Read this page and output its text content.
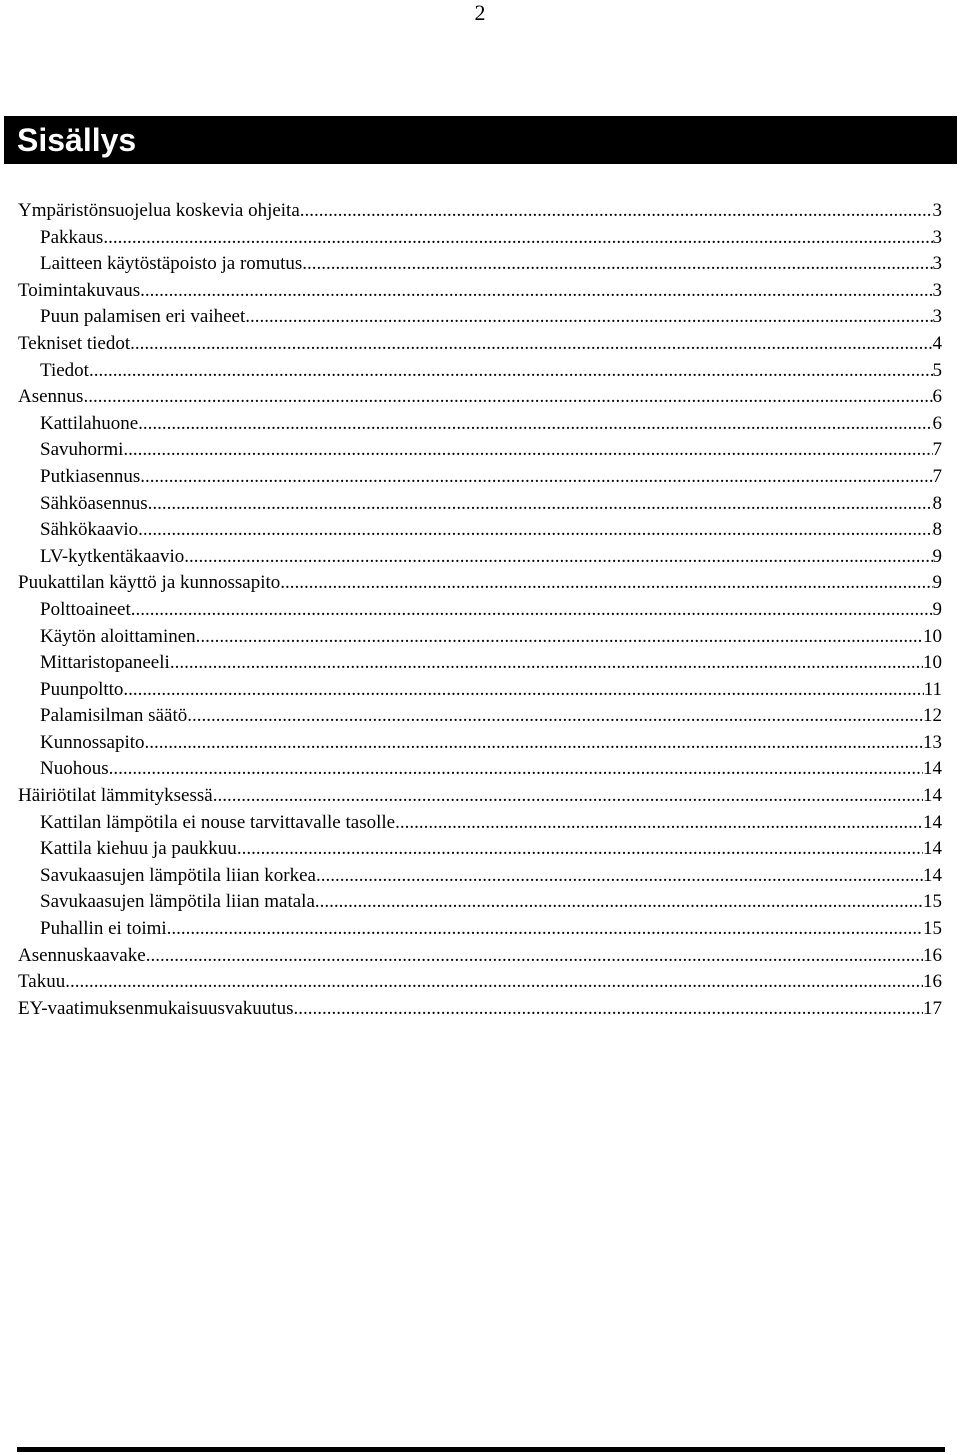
2
Sisällys
Ympäristönsuojelua koskevia ohjeita .....	3
Pakkaus .....	3
Laitteen käytöstäpoisto ja romutus .....	3
Toimintakuvaus .....	3
Puun palamisen eri vaiheet .....	3
Tekniset tiedot .....	4
Tiedot .....	5
Asennus .....	6
Kattilahuone .....	6
Savuhormi .....	7
Putkiasennus .....	7
Sähköasennus .....	8
Sähkökaavio .....	8
LV-kytkentäkaavio .....	9
Puukattilan käyttö ja kunnossapito .....	9
Polttoaineet .....	9
Käytön aloittaminen .....	10
Mittaristopaneeli .....	10
Puunpoltto .....	11
Palamisilman säätö .....	12
Kunnossapito .....	13
Nuohous .....	14
Häiriötilat lämmityksessä .....	14
Kattilan lämpötila ei nouse tarvittavalle tasolle .....	14
Kattila kiehuu ja paukkuu .....	14
Savukaasujen lämpötila liian korkea .....	14
Savukaasujen lämpötila liian matala .....	15
Puhallin ei toimi .....	15
Asennuskaavake .....	16
Takuu .....	16
EY-vaatimuksenmukaisuusvakuutus .....	17
